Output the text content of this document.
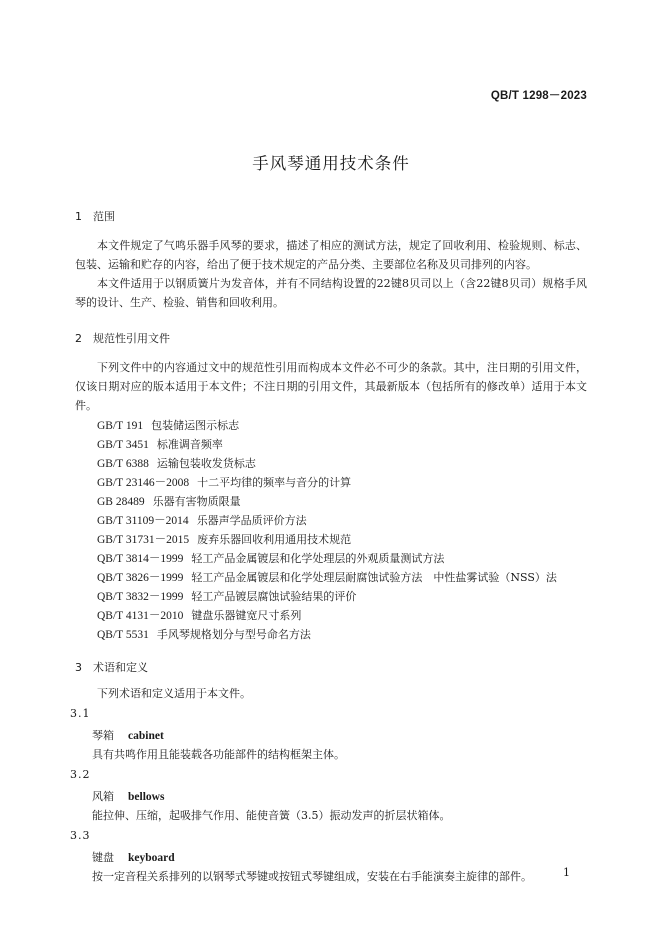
QB/T 1298－2023
手风琴通用技术条件
1 范围
本文件规定了气鸣乐器手风琴的要求，描述了相应的测试方法，规定了回收利用、检验规则、标志、包装、运输和贮存的内容，给出了便于技术规定的产品分类、主要部位名称及贝司排列的内容。
本文件适用于以钢质簧片为发音体，并有不同结构设置的22键8贝司以上（含22键8贝司）规格手风琴的设计、生产、检验、销售和回收利用。
2 规范性引用文件
下列文件中的内容通过文中的规范性引用而构成本文件必不可少的条款。其中，注日期的引用文件，仅该日期对应的版本适用于本文件；不注日期的引用文件，其最新版本（包括所有的修改单）适用于本文件。
GB/T 191 包装储运图示标志
GB/T 3451 标准调音频率
GB/T 6388 运输包装收发货标志
GB/T 23146－2008 十二平均律的频率与音分的计算
GB 28489 乐器有害物质限量
GB/T 31109－2014 乐器声学品质评价方法
GB/T 31731－2015 废弃乐器回收利用通用技术规范
QB/T 3814－1999 轻工产品金属镀层和化学处理层的外观质量测试方法
QB/T 3826－1999 轻工产品金属镀层和化学处理层耐腐蚀试验方法　中性盐雾试验（NSS）法
QB/T 3832－1999 轻工产品镀层腐蚀试验结果的评价
QB/T 4131－2010 键盘乐器键宽尺寸系列
QB/T 5531 手风琴规格划分与型号命名方法
3 术语和定义
下列术语和定义适用于本文件。
3.1
琴箱 cabinet
具有共鸣作用且能装载各功能部件的结构框架主体。
3.2
风箱 bellows
能拉伸、压缩，起吸排气作用、能使音簧（3.5）振动发声的折层状箱体。
3.3
键盘 keyboard
按一定音程关系排列的以钢琴式琴键或按钮式琴键组成，安装在右手能演奏主旋律的部件。	1
